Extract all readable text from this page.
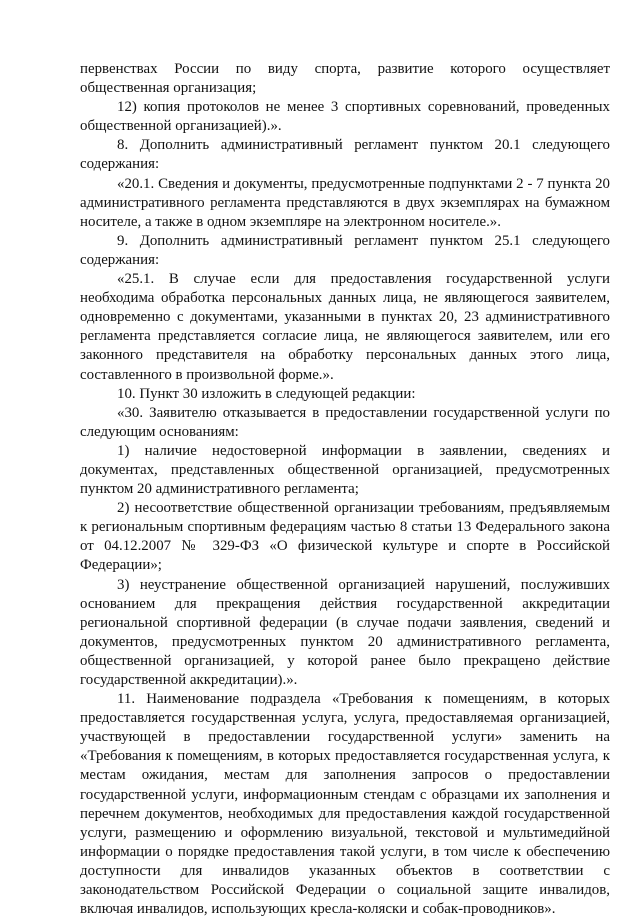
первенствах России по виду спорта, развитие которого осуществляет общественная организация;

12) копия протоколов не менее 3 спортивных соревнований, проведенных общественной организацией).».

8. Дополнить административный регламент пунктом 20.1 следующего содержания:

«20.1. Сведения и документы, предусмотренные подпунктами 2 - 7 пункта 20 административного регламента представляются в двух экземплярах на бумажном носителе, а также в одном экземпляре на электронном носителе.».

9. Дополнить административный регламент пунктом 25.1 следующего содержания:

«25.1. В случае если для предоставления государственной услуги необходима обработка персональных данных лица, не являющегося заявителем, одновременно с документами, указанными в пунктах 20, 23 административного регламента представляется согласие лица, не являющегося заявителем, или его законного представителя на обработку персональных данных этого лица, составленного в произвольной форме.».

10. Пункт 30 изложить в следующей редакции:

«30. Заявителю отказывается в предоставлении государственной услуги по следующим основаниям:

1) наличие недостоверной информации в заявлении, сведениях и документах, представленных общественной организацией, предусмотренных пунктом 20 административного регламента;

2) несоответствие общественной организации требованиям, предъявляемым к региональным спортивным федерациям частью 8 статьи 13 Федерального закона от 04.12.2007 № 329-ФЗ «О физической культуре и спорте в Российской Федерации»;

3) неустранение общественной организацией нарушений, послуживших основанием для прекращения действия государственной аккредитации региональной спортивной федерации (в случае подачи заявления, сведений и документов, предусмотренных пунктом 20 административного регламента, общественной организацией, у которой ранее было прекращено действие государственной аккредитации).».

11. Наименование подраздела «Требования к помещениям, в которых предоставляется государственная услуга, услуга, предоставляемая организацией, участвующей в предоставлении государственной услуги» заменить на «Требования к помещениям, в которых предоставляется государственная услуга, к местам ожидания, местам для заполнения запросов о предоставлении государственной услуги, информационным стендам с образцами их заполнения и перечнем документов, необходимых для предоставления каждой государственной услуги, размещению и оформлению визуальной, текстовой и мультимедийной информации о порядке предоставления такой услуги, в том числе к обеспечению доступности для инвалидов указанных объектов в соответствии с законодательством Российской Федерации о социальной защите инвалидов, включая инвалидов, использующих кресла-коляски и собак-проводников».
